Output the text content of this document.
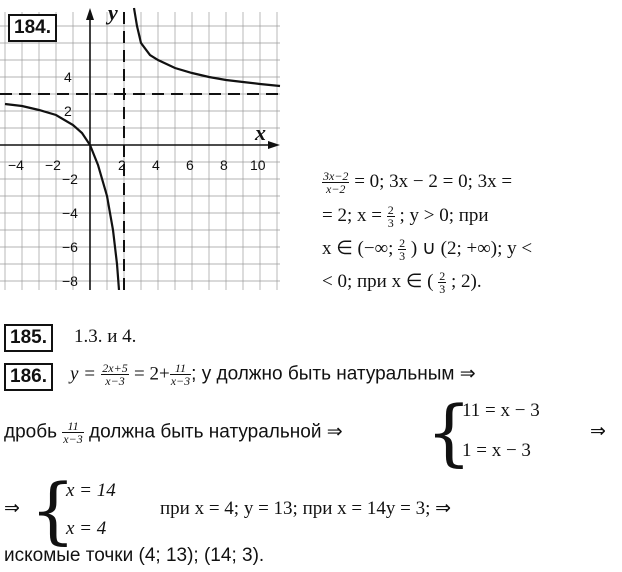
y
x
−4 −2	2 4 6 8 10
4
2
−2
−4
−6
−8
184.
$\frac{3x-2}{x-2} = 0$; 3x − 2 = 0; 3x =
= 2; $x = \frac{2}{3}$ ; y > 0; при
x ∈ (−∞; $\frac{2}{3}$ ) ∪ (2; +∞); y <
< 0; при x ∈ ( $\frac{2}{3}$ ; 2).
185.	1.3. и 4.
186.	$y = \frac{2x+5}{x-3} = 2+ \frac{11}{x-3}$ ; y должно быть натуральным ⇒
дробь $\frac{11}{x-3}$ должна быть натуральной ⇒ {
11 = x − 3
1 = x − 3
⇒
⇒ {
x = 14
x = 4
при x = 4; y = 13; при x = 14y = 3; ⇒
искомые точки (4; 13); (14; 3).
